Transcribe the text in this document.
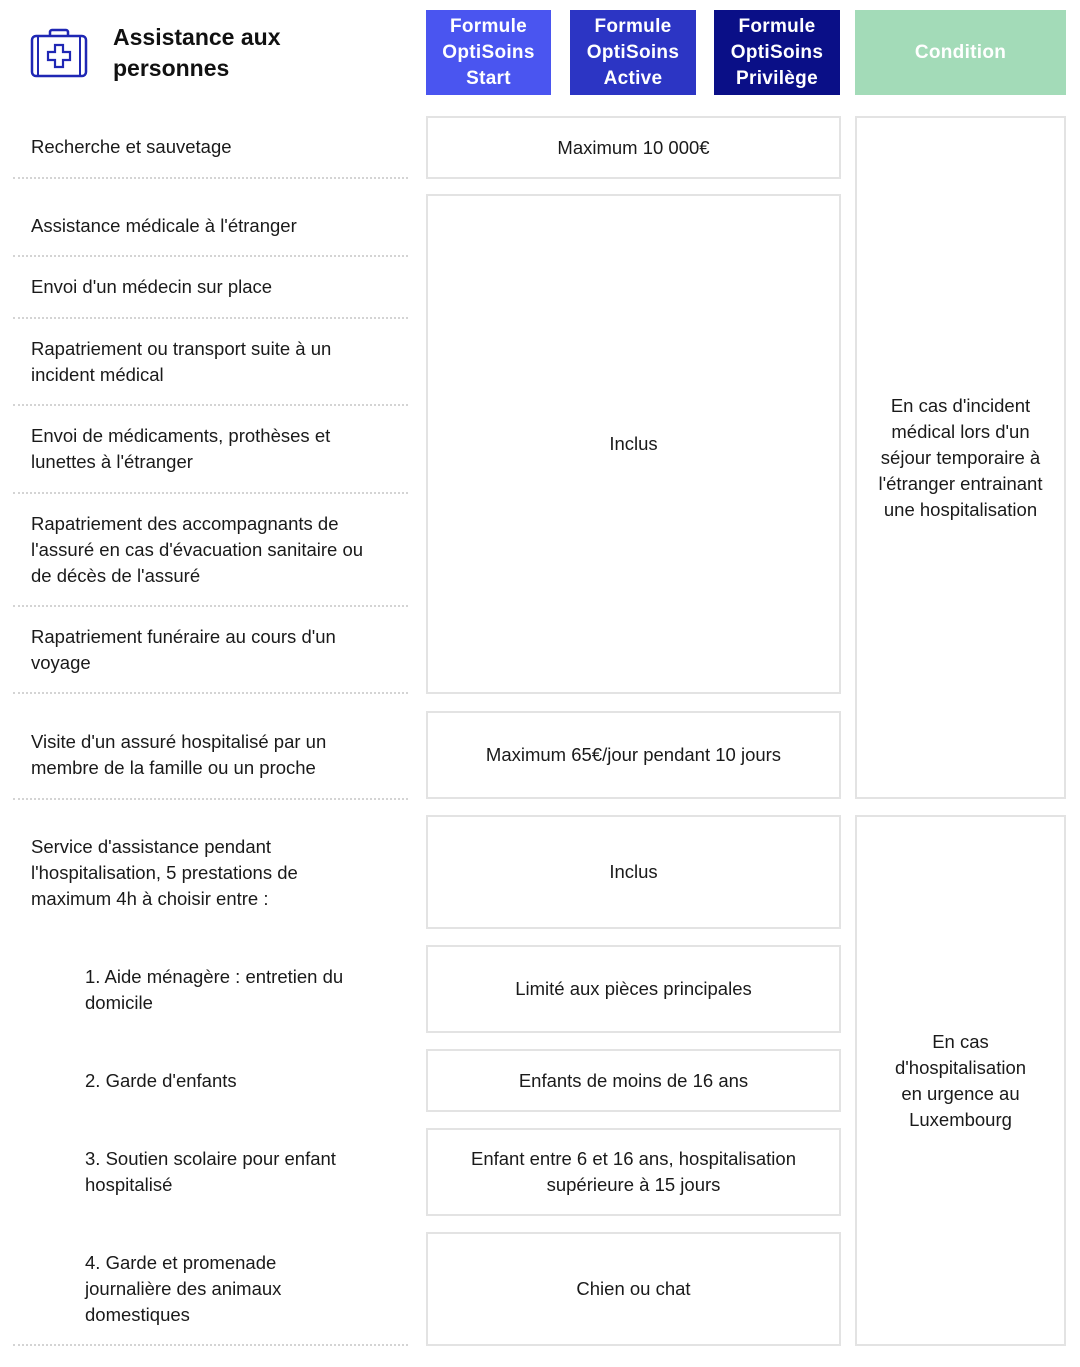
Assistance aux personnes
Formule OptiSoins Start
Formule OptiSoins Active
Formule OptiSoins Privilège
Condition
Recherche et sauvetage
Assistance médicale à l'étranger
Envoi d'un médecin sur place
Rapatriement ou transport suite à un incident médical
Envoi de médicaments, prothèses et lunettes à l'étranger
Rapatriement des accompagnants de l'assuré en cas d'évacuation sanitaire ou de décès de l'assuré
Rapatriement funéraire au cours d'un voyage
Visite d'un assuré hospitalisé par un membre de la famille ou un proche
Service d'assistance pendant l'hospitalisation, 5 prestations de maximum 4h à choisir entre :
1. Aide ménagère : entretien du domicile
2. Garde d'enfants
3. Soutien scolaire pour enfant hospitalisé
4. Garde et promenade journalière des animaux domestiques
Maximum 10 000€
Inclus
Maximum 65€/jour pendant 10 jours
Inclus
Limité aux pièces principales
Enfants de moins de 16 ans
Enfant entre 6 et 16 ans, hospitalisation supérieure à 15 jours
Chien ou chat
En cas d'incident médical lors d'un séjour temporaire à l'étranger entrainant une hospitalisation
En cas d'hospitalisation en urgence au Luxembourg
